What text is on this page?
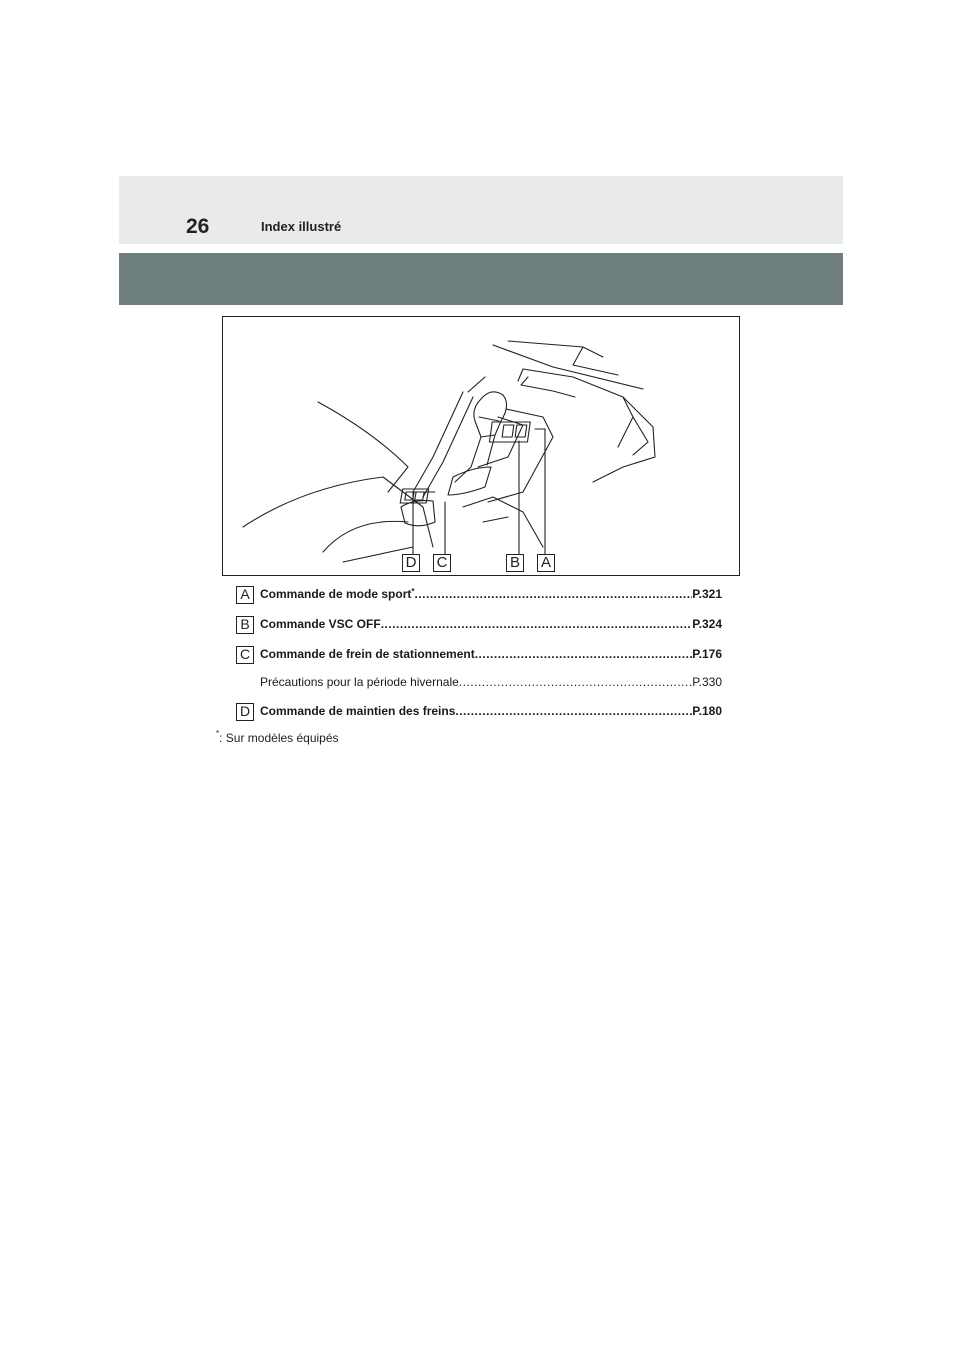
26	Index illustré
D C	B A
A Commande de mode sport * .....	P.321
B Commande VSC OFF .....	P.324
C Commande de frein de stationnement .....	P.176
Précautions pour la période hivernale .....	P.330
D Commande de maintien des freins .....	P.180
*: Sur modèles équipés
